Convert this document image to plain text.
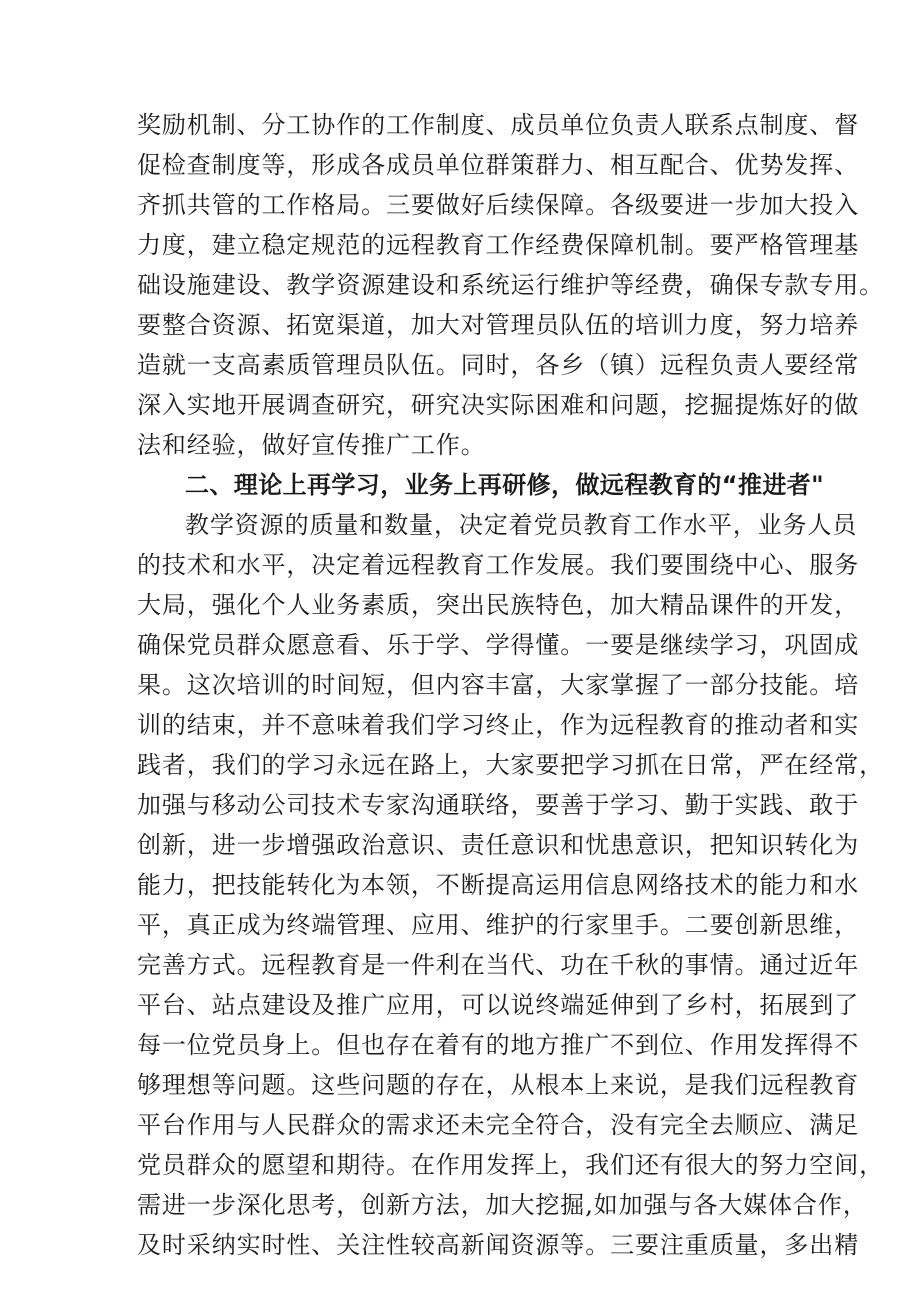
奖励机制、分工协作的工作制度、成员单位负责人联系点制度、督
促检查制度等，形成各成员单位群策群力、相互配合、优势发挥、
齐抓共管的工作格局。三要做好后续保障。各级要进一步加大投入
力度，建立稳定规范的远程教育工作经费保障机制。要严格管理基
础设施建设、教学资源建设和系统运行维护等经费，确保专款专用。
要整合资源、拓宽渠道，加大对管理员队伍的培训力度，努力培养
造就一支高素质管理员队伍。同时，各乡（镇）远程负责人要经常
深入实地开展调查研究，研究决实际困难和问题，挖掘提炼好的做
法和经验，做好宣传推广工作。
二、理论上再学习，业务上再研修，做远程教育的“推进者"
教学资源的质量和数量，决定着党员教育工作水平，业务人员
的技术和水平，决定着远程教育工作发展。我们要围绕中心、服务
大局，强化个人业务素质，突出民族特色，加大精品课件的开发，
确保党员群众愿意看、乐于学、学得懂。一要是继续学习，巩固成
果。这次培训的时间短，但内容丰富，大家掌握了一部分技能。培
训的结束，并不意味着我们学习终止，作为远程教育的推动者和实
践者，我们的学习永远在路上，大家要把学习抓在日常，严在经常，
加强与移动公司技术专家沟通联络，要善于学习、勤于实践、敢于
创新，进一步增强政治意识、责任意识和忧患意识，把知识转化为
能力，把技能转化为本领，不断提高运用信息网络技术的能力和水
平，真正成为终端管理、应用、维护的行家里手。二要创新思维，
完善方式。远程教育是一件利在当代、功在千秋的事情。通过近年
平台、站点建设及推广应用，可以说终端延伸到了乡村，拓展到了
每一位党员身上。但也存在着有的地方推广不到位、作用发挥得不
够理想等问题。这些问题的存在，从根本上来说，是我们远程教育
平台作用与人民群众的需求还未完全符合，没有完全去顺应、满足
党员群众的愿望和期待。在作用发挥上，我们还有很大的努力空间，
需进一步深化思考，创新方法，加大挖掘,如加强与各大媒体合作，
及时采纳实时性、关注性较高新闻资源等。三要注重质量，多出精
